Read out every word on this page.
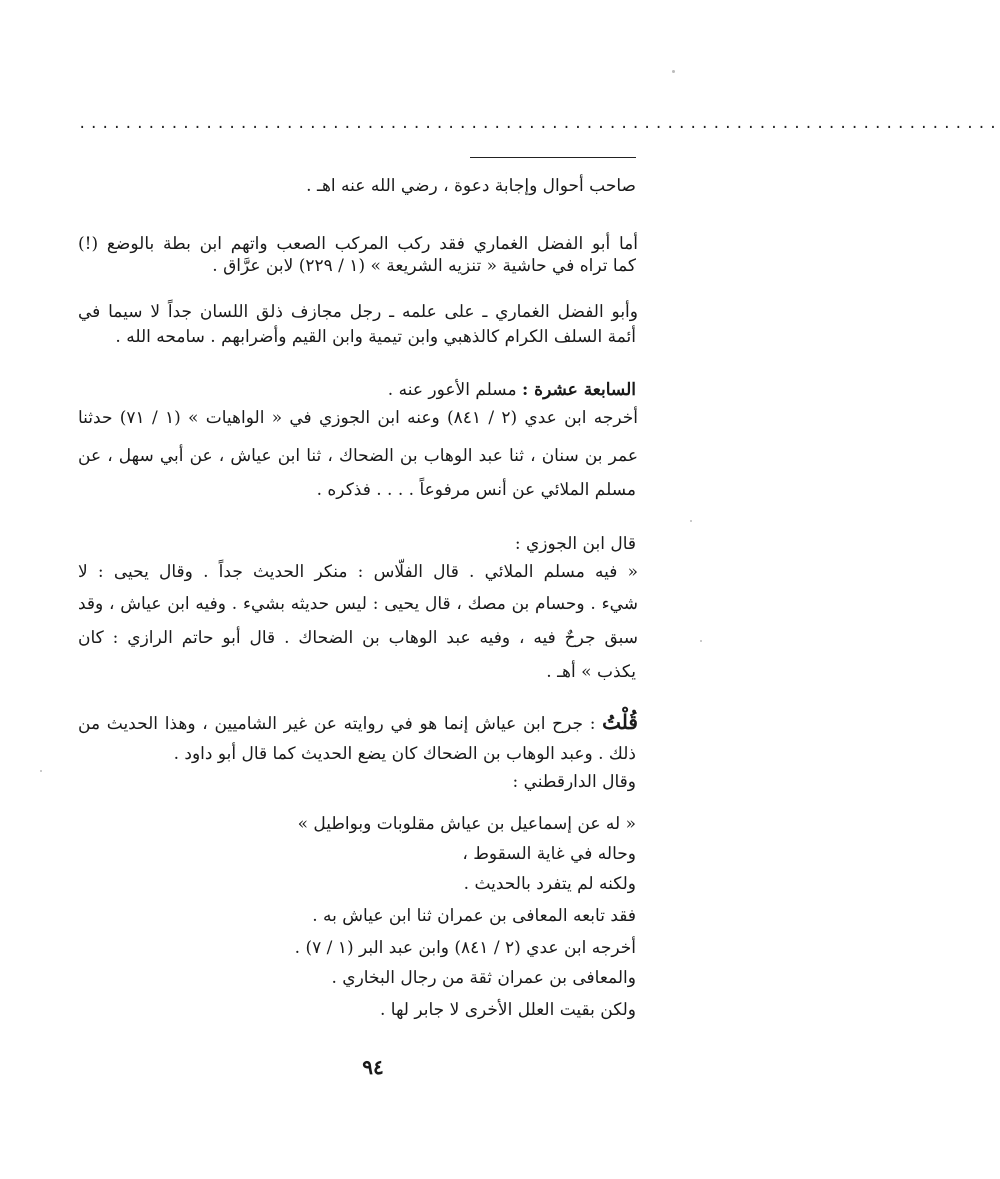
................................................................................
صاحب أحوال وإجابة دعوة ، رضي الله عنه اهـ .
أما أبو الفضل الغماري فقد ركب المركب الصعب واتهم ابن بطة بالوضع (!)
كما تراه في حاشية « تنزيه الشريعة » (١ / ٢٢٩) لابن عرَّاق .
وأبو الفضل الغماري ـ على علمه ـ رجل مجازف ذلق اللسان جداً لا سيما في
أئمة السلف الكرام كالذهبي وابن تيمية وابن القيم وأضرابهم . سامحه الله .
السابعة عشرة : مسلم الأعور عنه .
أخرجه ابن عدي (٢ / ٨٤١) وعنه ابن الجوزي في « الواهيات » (١ / ٧١) حدثنا
عمر بن سنان ، ثنا عبد الوهاب بن الضحاك ، ثنا ابن عياش ، عن أبي سهل ، عن
مسلم الملائي عن أنس مرفوعاً . . . . فذكره .
قال ابن الجوزي :
« فيه مسلم الملائي . قال الفلّاس : منكر الحديث جداً . وقال يحيى : لا
شيء . وحسام بن مصك ، قال يحيى : ليس حديثه بشيء . وفيه ابن عياش ، وقد
سبق جرحٌ فيه ، وفيه عبد الوهاب بن الضحاك . قال أبو حاتم الرازي : كان
يكذب » أهـ .
قُلْتُ : جرح ابن عياش إنما هو في روايته عن غير الشاميين ، وهذا الحديث من
ذلك . وعبد الوهاب بن الضحاك كان يضع الحديث كما قال أبو داود .
وقال الدارقطني :
« له عن إسماعيل بن عياش مقلوبات وبواطيل »
وحاله في غاية السقوط ،
ولكنه لم يتفرد بالحديث .
فقد تابعه المعافى بن عمران ثنا ابن عياش به .
أخرجه ابن عدي (٢ / ٨٤١) وابن عبد البر (١ / ٧) .
والمعافى بن عمران ثقة من رجال البخاري .
ولكن بقيت العلل الأخرى لا جابر لها .
٩٤
